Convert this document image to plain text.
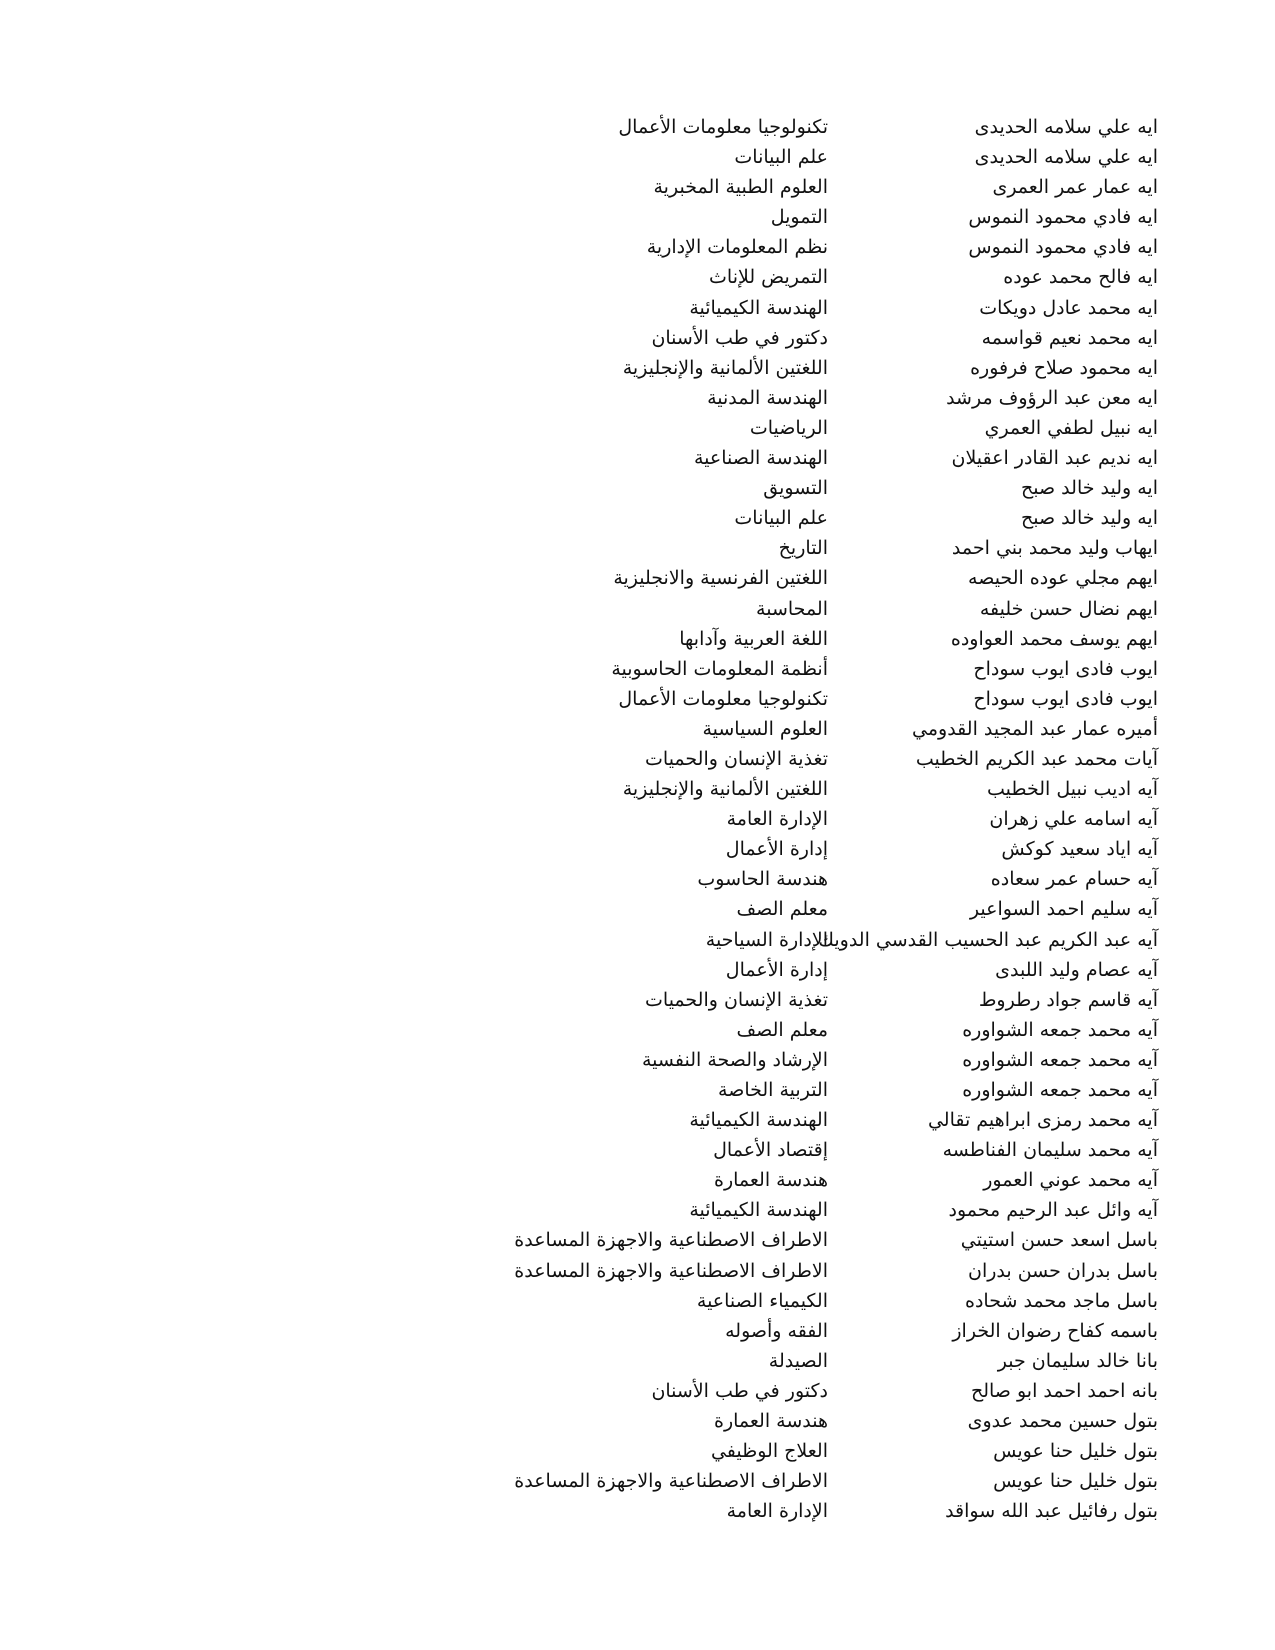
ايه علي سلامه الحديدى
تكنولوجيا معلومات الأعمال
ايه علي سلامه الحديدى
علم البيانات
ايه عمار عمر العمرى
العلوم الطبية المخبرية
ايه فادي محمود النموس
التمويل
ايه فادي محمود النموس
نظم المعلومات الإدارية
ايه فالح محمد عوده
التمريض للإناث
ايه محمد عادل دويكات
الهندسة الكيميائية
ايه محمد نعيم قواسمه
دكتور في طب الأسنان
ايه محمود صلاح فرفوره
اللغتين الألمانية والإنجليزية
ايه معن عبد الرؤوف مرشد
الهندسة المدنية
ايه نبيل لطفي العمري
الرياضيات
ايه نديم عبد القادر اعقيلان
الهندسة الصناعية
ايه وليد خالد صبح
التسويق
ايه وليد خالد صبح
علم البيانات
ايهاب وليد محمد بني احمد
التاريخ
ايهم مجلي عوده الحيصه
اللغتين الفرنسية والانجليزية
ايهم نضال حسن خليفه
المحاسبة
ايهم يوسف محمد العواوده
اللغة العربية وآدابها
ايوب فادى ايوب سوداح
أنظمة المعلومات الحاسوبية
ايوب فادى ايوب سوداح
تكنولوجيا معلومات الأعمال
أميره عمار عبد المجيد القدومي
العلوم السياسية
آيات محمد عبد الكريم الخطيب
تغذية الإنسان والحميات
آيه اديب نبيل الخطيب
اللغتين الألمانية والإنجليزية
آيه اسامه علي زهران
الإدارة العامة
آيه اياد سعيد كوكش
إدارة الأعمال
آيه حسام عمر سعاده
هندسة الحاسوب
آيه سليم احمد السواعير
معلم الصف
آيه عبد الكريم عبد الحسيب القدسي الدويك
الإدارة السياحية
آيه عصام وليد اللبدى
إدارة الأعمال
آيه قاسم جواد رطروط
تغذية الإنسان والحميات
آيه محمد جمعه الشواوره
معلم الصف
آيه محمد جمعه الشواوره
الإرشاد والصحة النفسية
آيه محمد جمعه الشواوره
التربية الخاصة
آيه محمد رمزى ابراهيم تقالي
الهندسة الكيميائية
آيه محمد سليمان الفناطسه
إقتصاد الأعمال
آيه محمد عوني العمور
هندسة العمارة
آيه وائل عبد الرحيم محمود
الهندسة الكيميائية
باسل اسعد حسن استيتي
الاطراف الاصطناعية والاجهزة المساعدة
باسل بدران حسن بدران
الاطراف الاصطناعية والاجهزة المساعدة
باسل ماجد محمد شحاده
الكيمياء الصناعية
باسمه كفاح رضوان الخراز
الفقه وأصوله
بانا خالد سليمان جبر
الصيدلة
بانه احمد احمد ابو صالح
دكتور في طب الأسنان
بتول حسين محمد عدوى
هندسة العمارة
بتول خليل حنا عويس
العلاج الوظيفي
بتول خليل حنا عويس
الاطراف الاصطناعية والاجهزة المساعدة
بتول رفائيل عبد الله سواقد
الإدارة العامة
